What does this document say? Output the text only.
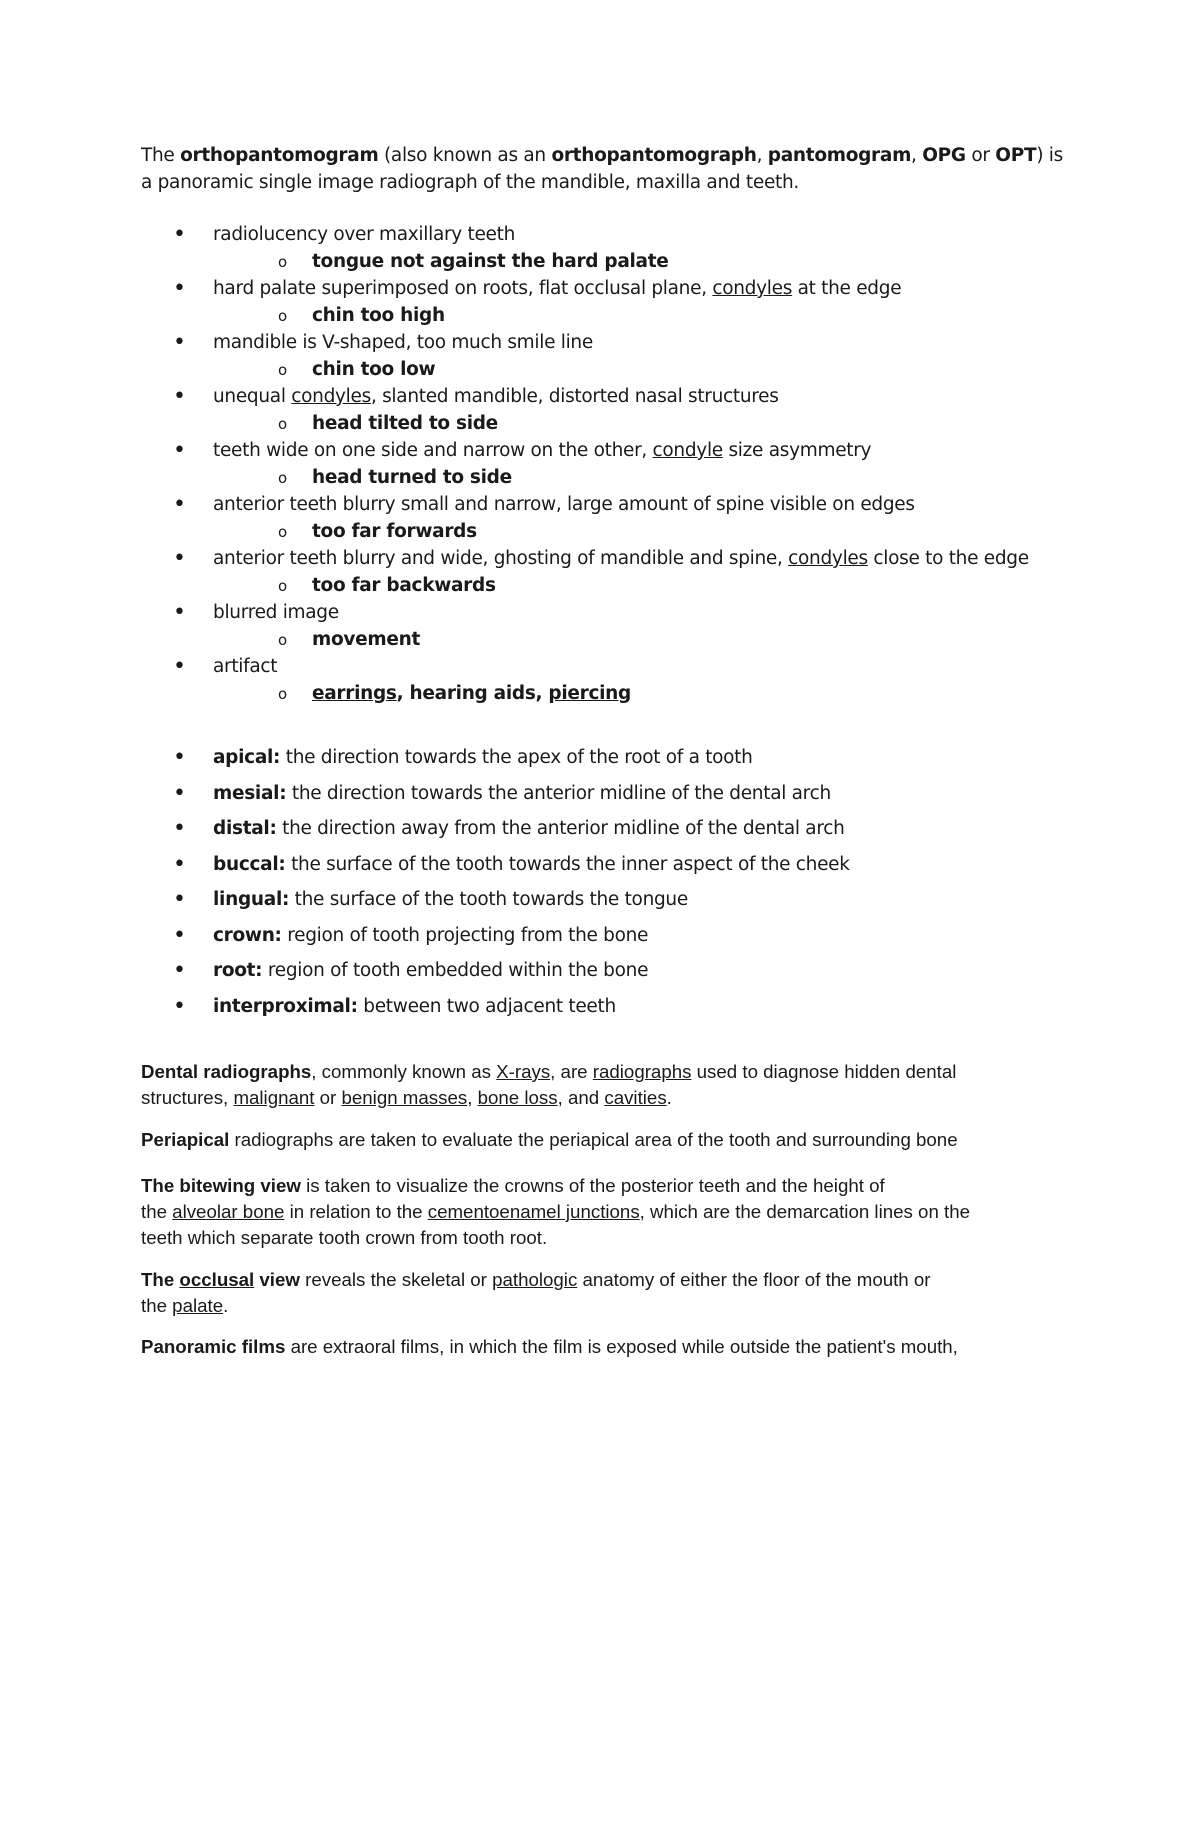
The orthopantomogram (also known as an orthopantomograph, pantomogram, OPG or OPT) is
a panoramic single image radiograph of the mandible, maxilla and teeth.
• radiolucency over maxillary teeth
o tongue not against the hard palate
• hard palate superimposed on roots, flat occlusal plane, condyles at the edge
o chin too high
• mandible is V-shaped, too much smile line
o chin too low
• unequal condyles, slanted mandible, distorted nasal structures
o head tilted to side
• teeth wide on one side and narrow on the other, condyle size asymmetry
o head turned to side
• anterior teeth blurry small and narrow, large amount of spine visible on edges
o too far forwards
• anterior teeth blurry and wide, ghosting of mandible and spine, condyles close to the edge
o too far backwards
• blurred image
o movement
• artifact
o earrings, hearing aids, piercing
• apical: the direction towards the apex of the root of a tooth
• mesial: the direction towards the anterior midline of the dental arch
• distal: the direction away from the anterior midline of the dental arch
• buccal: the surface of the tooth towards the inner aspect of the cheek
• lingual: the surface of the tooth towards the tongue
• crown: region of tooth projecting from the bone
• root: region of tooth embedded within the bone
• interproximal: between two adjacent teeth
Dental radiographs, commonly known as X-rays, are radiographs used to diagnose hidden dental
structures, malignant or benign masses, bone loss, and cavities.
Periapical radiographs are taken to evaluate the periapical area of the tooth and surrounding bone
The bitewing view is taken to visualize the crowns of the posterior teeth and the height of
the alveolar bone in relation to the cementoenamel junctions, which are the demarcation lines on the
teeth which separate tooth crown from tooth root.
The occlusal view reveals the skeletal or pathologic anatomy of either the floor of the mouth or
the palate.
Panoramic films are extraoral films, in which the film is exposed while outside the patient's mouth,
